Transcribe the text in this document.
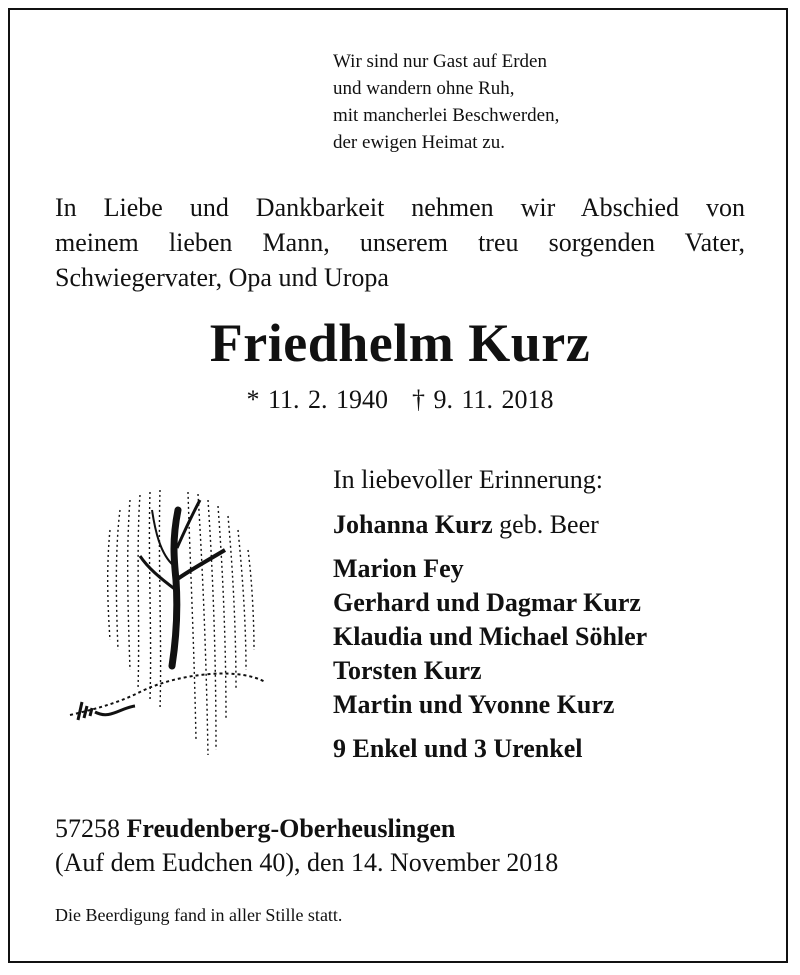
Wir sind nur Gast auf Erden
und wandern ohne Ruh,
mit mancherlei Beschwerden,
der ewigen Heimat zu.
In Liebe und Dankbarkeit nehmen wir Abschied von
meinem lieben Mann, unserem treu sorgenden Vater,
Schwiegervater, Opa und Uropa
Friedhelm Kurz
* 11. 2. 1940 † 9. 11. 2018
In liebevoller Erinnerung:
Johanna Kurz geb. Beer
Marion Fey
Gerhard und Dagmar Kurz
Klaudia und Michael Söhler
Torsten Kurz
Martin und Yvonne Kurz
9 Enkel und 3 Urenkel
57258 Freudenberg-Oberheuslingen
(Auf dem Eudchen 40), den 14. November 2018
Die Beerdigung fand in aller Stille statt.
